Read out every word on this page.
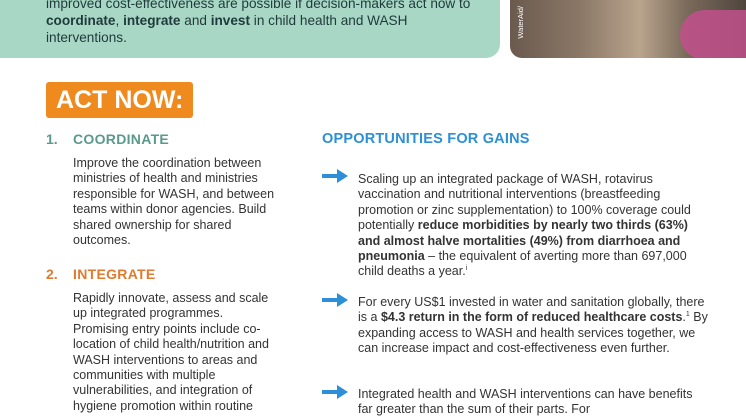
improved cost-effectiveness are possible if decision-makers act now to coordinate, integrate and invest in child health and WASH interventions.	WaterAid/
ACT NOW:
1. COORDINATE
Improve the coordination between ministries of health and ministries responsible for WASH, and between teams within donor agencies. Build shared ownership for shared outcomes.
2. INTEGRATE
Rapidly innovate, assess and scale up integrated programmes. Promising entry points include co-location of child health/nutrition and WASH interventions to areas and communities with multiple vulnerabilities, and integration of hygiene promotion within routine
OPPORTUNITIES FOR GAINS
Scaling up an integrated package of WASH, rotavirus vaccination and nutritional interventions (breastfeeding promotion or zinc supplementation) to 100% coverage could potentially reduce morbidities by nearly two thirds (63%) and almost halve mortalities (49%) from diarrhoea and pneumonia – the equivalent of averting more than 697,000 child deaths a year.$^i$
For every US$1 invested in water and sanitation globally, there is a $4.3 return in the form of reduced healthcare costs.$^1$ By expanding access to WASH and health services together, we can increase impact and cost-effectiveness even further.
Integrated health and WASH interventions can have benefits far greater than the sum of their parts. For
